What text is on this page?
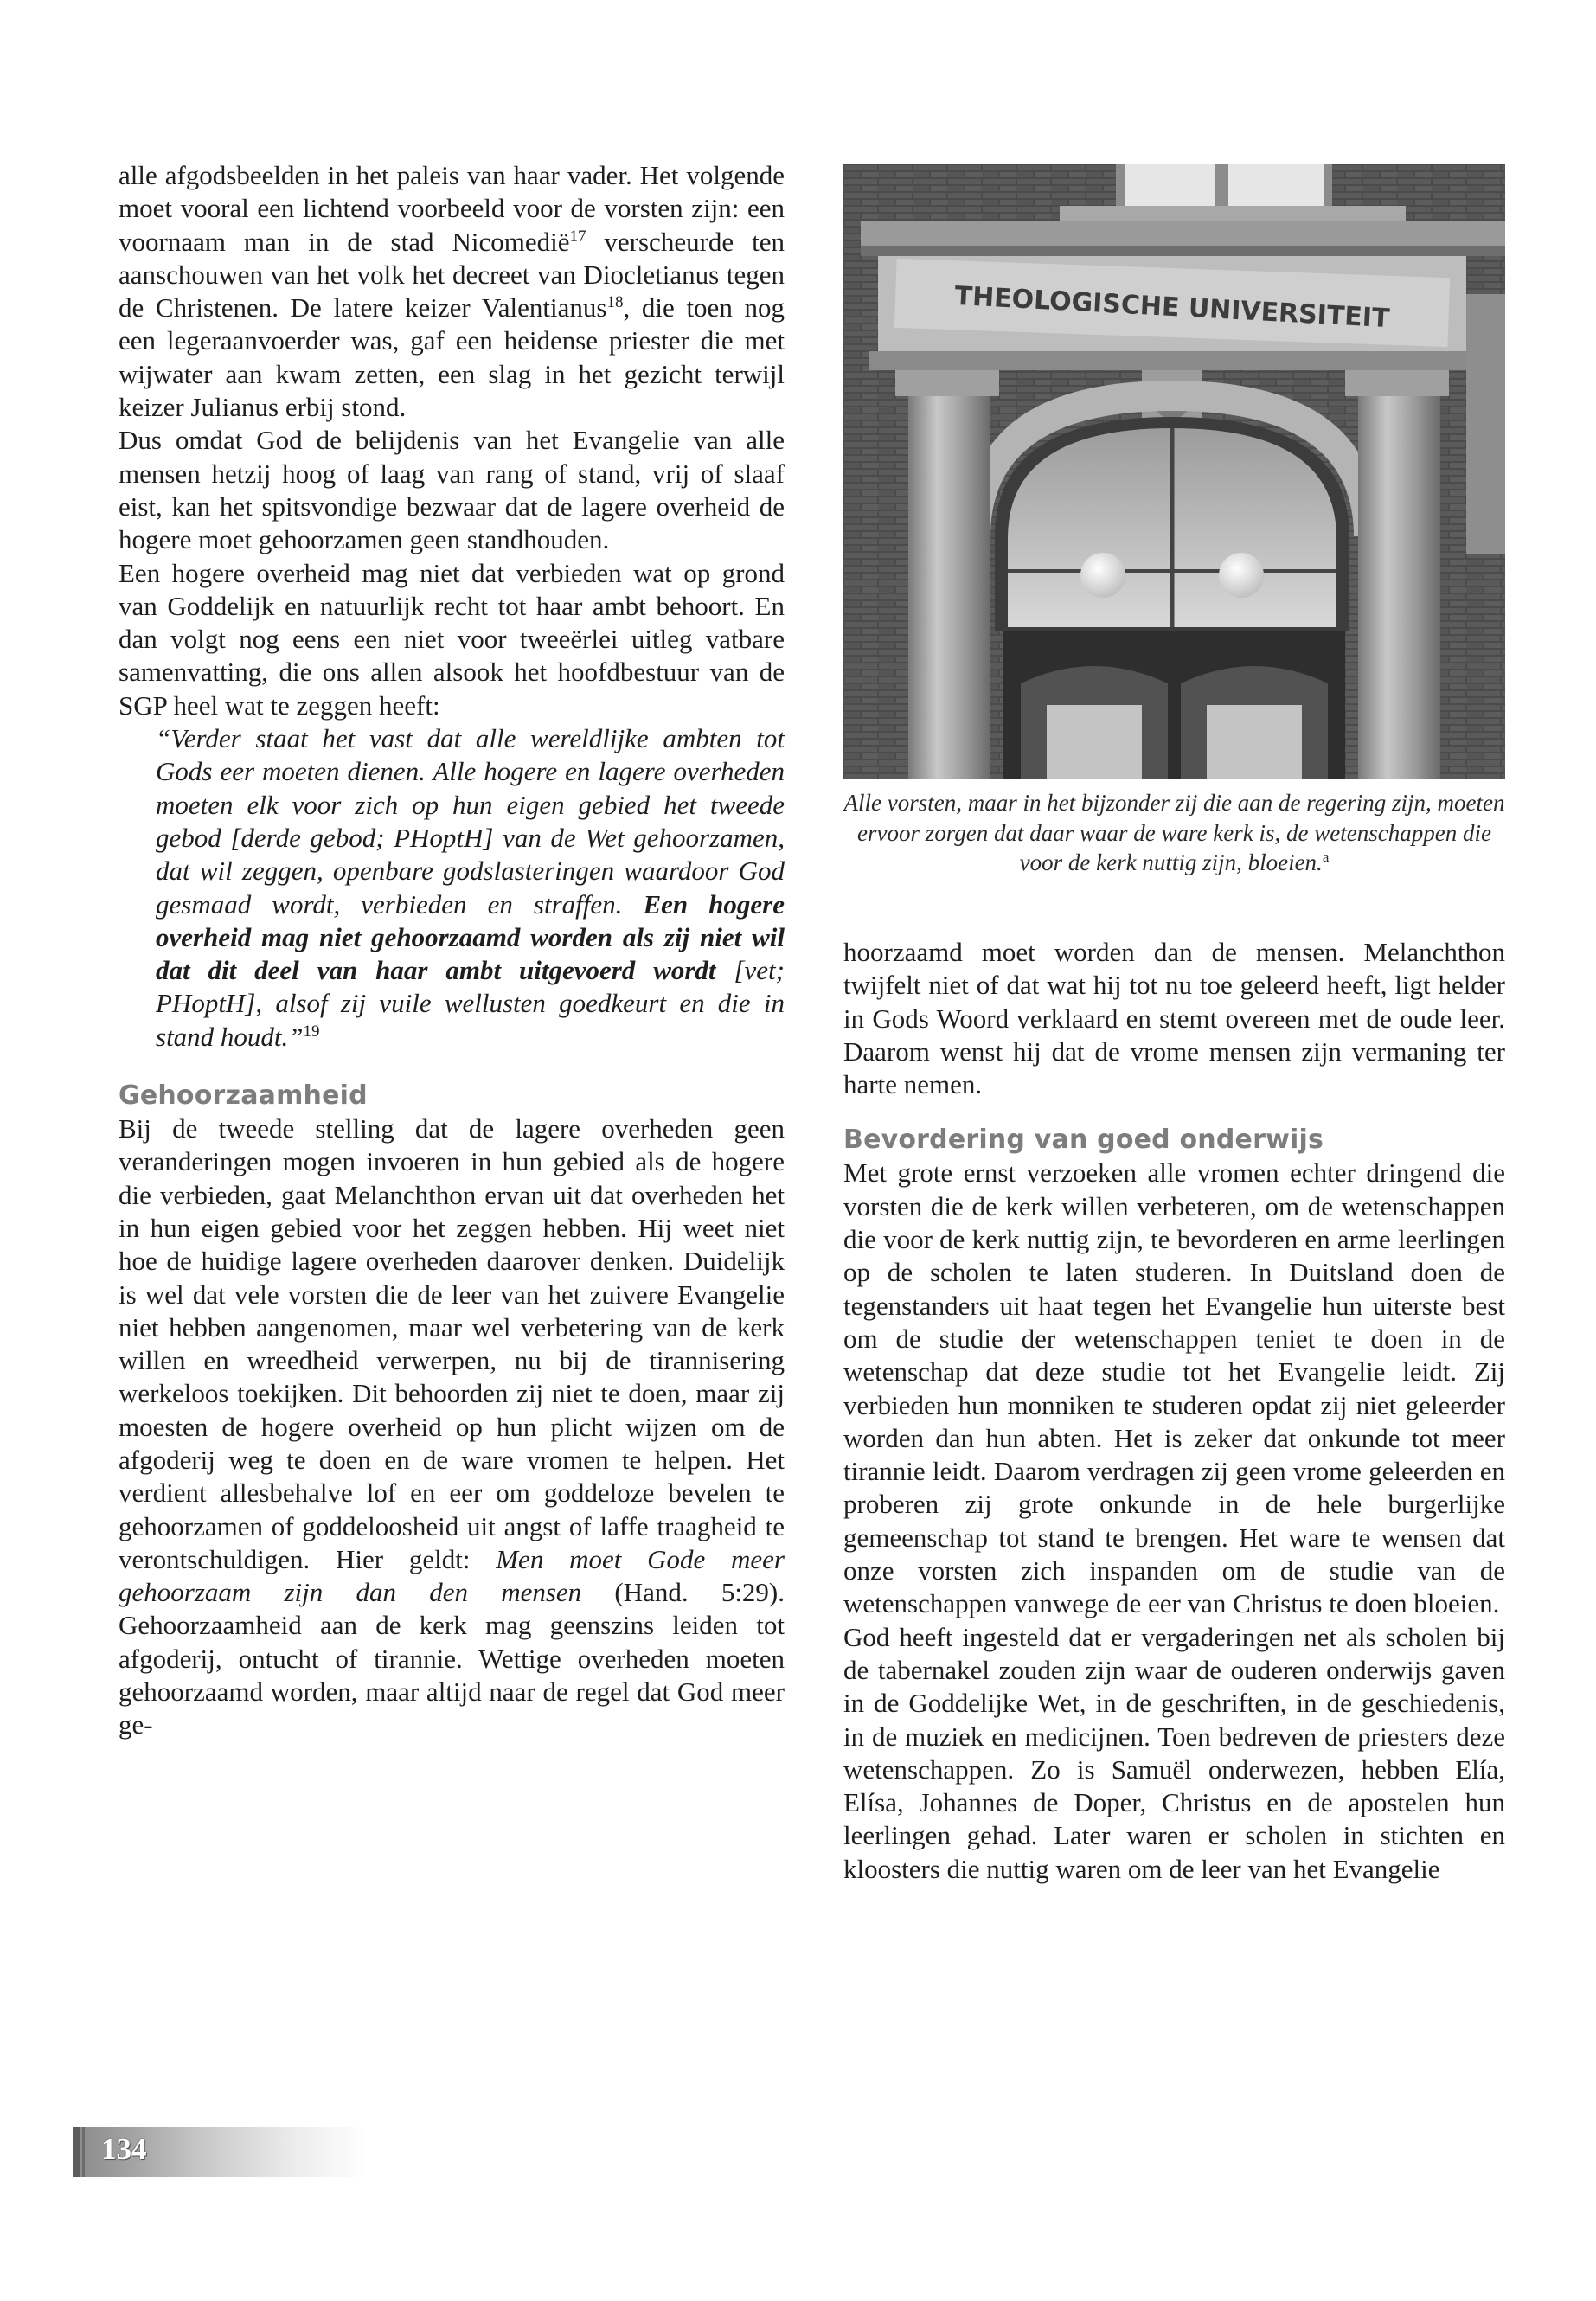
alle afgodsbeelden in het paleis van haar vader. Het volgende moet vooral een lichtend voorbeeld voor de vorsten zijn: een voornaam man in de stad Nicomedië$^{17}$ verscheurde ten aanschouwen van het volk het decreet van Diocletianus tegen de Christenen. De latere keizer Valentianus$^{18}$, die toen nog een legeraanvoerder was, gaf een heidense priester die met wijwater aan kwam zetten, een slag in het gezicht terwijl keizer Julianus erbij stond.

Dus omdat God de belijdenis van het Evangelie van alle mensen hetzij hoog of laag van rang of stand, vrij of slaaf eist, kan het spitsvondige bezwaar dat de lagere overheid de hogere moet gehoorzamen geen standhouden.

Een hogere overheid mag niet dat verbieden wat op grond van Goddelijk en natuurlijk recht tot haar ambt behoort. En dan volgt nog eens een niet voor tweeërlei uitleg vatbare samenvatting, die ons allen alsook het hoofdbestuur van de SGP heel wat te zeggen heeft:

“Verder staat het vast dat alle wereldlijke ambten tot Gods eer moeten dienen. Alle hogere en lagere overheden moeten elk voor zich op hun eigen gebied het tweede gebod [derde gebod; PHoptH] van de Wet gehoorzamen, dat wil zeggen, openbare godslasteringen waardoor God gesmaad wordt, verbieden en straffen. Een hogere overheid mag niet gehoorzaamd worden als zij niet wil dat dit deel van haar ambt uitgevoerd wordt [vet; PHoptH], alsof zij vuile wellusten goedkeurt en die in stand houdt.”$^{19}$

Gehoorzaamheid

Bij de tweede stelling dat de lagere overheden geen veranderingen mogen invoeren in hun gebied als de hogere die verbieden, gaat Melanchthon ervan uit dat overheden het in hun eigen gebied voor het zeggen hebben. Hij weet niet hoe de huidige lagere overheden daarover denken. Duidelijk is wel dat vele vorsten die de leer van het zuivere Evangelie niet hebben aangenomen, maar wel verbetering van de kerk willen en wreedheid verwerpen, nu bij de tirannisering werkeloos toekijken. Dit behoorden zij niet te doen, maar zij moesten de hogere overheid op hun plicht wijzen om de afgoderij weg te doen en de ware vromen te helpen. Het verdient allesbehalve lof en eer om goddeloze bevelen te gehoorzamen of goddeloosheid uit angst of laffe traagheid te verontschuldigen. Hier geldt: Men moet Gode meer gehoorzaam zijn dan den mensen (Hand. 5:29). Gehoorzaamheid aan de kerk mag geenszins leiden tot afgoderij, ontucht of tirannie. Wettige overheden moeten gehoorzaamd worden, maar altijd naar de regel dat God meer ge-

THEOLOGISCHE UNIVERSITEIT
Alle vorsten, maar in het bijzonder zij die aan de regering zijn, moeten ervoor zorgen dat daar waar de ware kerk is, de wetenschappen die voor de kerk nuttig zijn, bloeien.$^a$

hoorzaamd moet worden dan de mensen. Melanchthon twijfelt niet of dat wat hij tot nu toe geleerd heeft, ligt helder in Gods Woord verklaard en stemt overeen met de oude leer. Daarom wenst hij dat de vrome mensen zijn vermaning ter harte nemen.

Bevordering van goed onderwijs

Met grote ernst verzoeken alle vromen echter dringend die vorsten die de kerk willen verbeteren, om de wetenschappen die voor de kerk nuttig zijn, te bevorderen en arme leerlingen op de scholen te laten studeren. In Duitsland doen de tegenstanders uit haat tegen het Evangelie hun uiterste best om de studie der wetenschappen teniet te doen in de wetenschap dat deze studie tot het Evangelie leidt. Zij verbieden hun monniken te studeren opdat zij niet geleerder worden dan hun abten. Het is zeker dat onkunde tot meer tirannie leidt. Daarom verdragen zij geen vrome geleerden en proberen zij grote onkunde in de hele burgerlijke gemeenschap tot stand te brengen. Het ware te wensen dat onze vorsten zich inspanden om de studie van de wetenschappen vanwege de eer van Christus te doen bloeien.

God heeft ingesteld dat er vergaderingen net als scholen bij de tabernakel zouden zijn waar de ouderen onderwijs gaven in de Goddelijke Wet, in de geschriften, in de geschiedenis, in de muziek en medicijnen. Toen bedreven de priesters deze wetenschappen. Zo is Samuël onderwezen, hebben Elía, Elísa, Johannes de Doper, Christus en de apostelen hun leerlingen gehad. Later waren er scholen in stichten en kloosters die nuttig waren om de leer van het Evangelie

134
